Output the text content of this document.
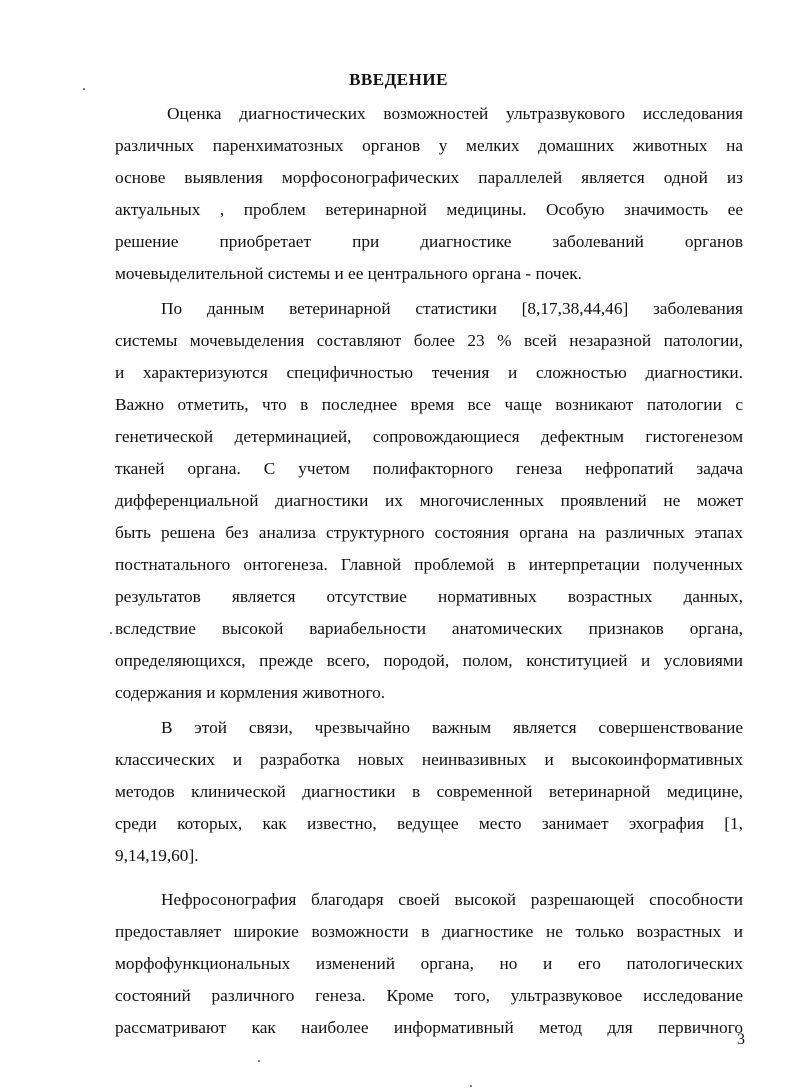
ВВЕДЕНИЕ
Оценка диагностических возможностей ультразвукового исследования
различных паренхиматозных органов у мелких домашних животных на
основе выявления морфосонографических параллелей является одной из
актуальных , проблем ветеринарной медицины. Особую значимость ее
решение приобретает при диагностике заболеваний органов
мочевыделительной системы и ее центрального органа - почек.
По данным ветеринарной статистики [8,17,38,44,46] заболевания
системы мочевыделения составляют более 23 % всей незаразной патологии,
и характеризуются специфичностью течения и сложностью диагностики.
Важно отметить, что в последнее время все чаще возникают патологии с
генетической детерминацией, сопровождающиеся дефектным гистогенезом
тканей органа. С учетом полифакторного генеза нефропатий задача
дифференциальной диагностики их многочисленных проявлений не может
быть решена без анализа структурного состояния органа на различных этапах
постнатального онтогенеза. Главной проблемой в интерпретации полученных
результатов является отсутствие нормативных возрастных данных,
вследствие высокой вариабельности анатомических признаков органа,
определяющихся, прежде всего, породой, полом, конституцией и условиями
содержания и кормления животного.
В этой связи, чрезвычайно важным является совершенствование
классических и разработка новых неинвазивных и высокоинформативных
методов клинической диагностики в современной ветеринарной медицине,
среди которых, как известно, ведущее место занимает эхография [1,
9,14,19,60].
Нефросонография благодаря своей высокой разрешающей способности
предоставляет широкие возможности в диагностике не только возрастных и
морфофункциональных изменений органа, но и его патологических
состояний различного генеза. Кроме того, ультразвуковое исследование
рассматривают как наиболее информативный метод для первичного
3
